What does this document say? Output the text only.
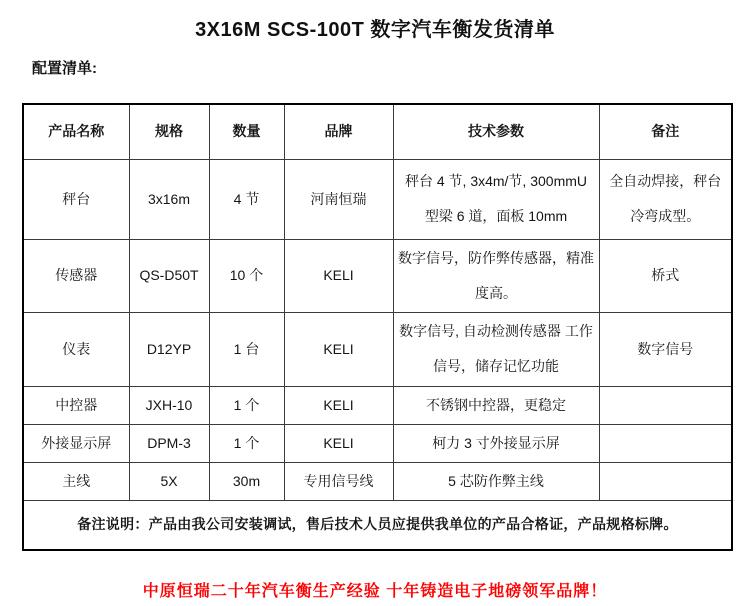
3X16M SCS-100T 数字汽车衡发货清单
配置清单:
产品名称	规格	数量	品牌	技术参数	备注
秤台	3x16m	4 节	河南恒瑞	秤台 4 节, 3x4m/节, 300mmU 型梁 6 道，面板 10mm	全自动焊接，秤台冷弯成型。
传感器	QS-D50T	10 个	KELI	数字信号，防作弊传感器，精准度高。	桥式
仪表	D12YP	1 台	KELI	数字信号, 自动检测传感器 工作信号，储存记忆功能	数字信号
中控器	JXH-10	1 个	KELI	不锈钢中控器，更稳定	
外接显示屏	DPM-3	1 个	KELI	柯力 3 寸外接显示屏	
主线	5X	30m	专用信号线	5 芯防作弊主线	
备注说明：产品由我公司安装调试，售后技术人员应提供我单位的产品合格证，产品规格标牌。					
中原恒瑞二十年汽车衡生产经验 十年铸造电子地磅领军品牌！
